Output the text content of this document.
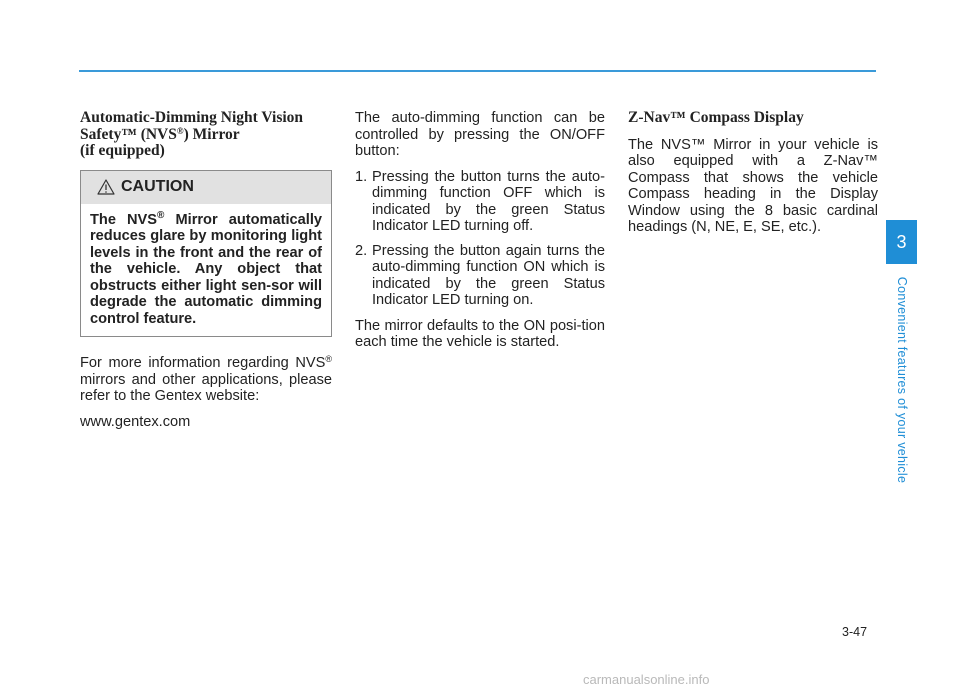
Automatic-Dimming Night Vision
Safety™ (NVS®) Mirror
(if equipped)
CAUTION
The NVS® Mirror automatically reduces glare by monitoring light levels in the front and the rear of the vehicle. Any object that obstructs either light sen-sor will degrade the automatic dimming control feature.

For more information regarding NVS® mirrors and other applications, please refer to the Gentex website:

www.gentex.com

The auto-dimming function can be controlled by pressing the ON/OFF button:

1. Pressing the button turns the auto-dimming function OFF which is indicated by the green Status Indicator LED turning off.
2. Pressing the button again turns the auto-dimming function ON which is indicated by the green Status Indicator LED turning on.

The mirror defaults to the ON posi-tion each time the vehicle is started.

Z-Nav™ Compass Display

The NVS™ Mirror in your vehicle is also equipped with a Z-Nav™ Compass that shows the vehicle Compass heading in the Display Window using the 8 basic cardinal headings (N, NE, E, SE, etc.).

3
Convenient features of your vehicle
3-47
carmanualsonline.info
